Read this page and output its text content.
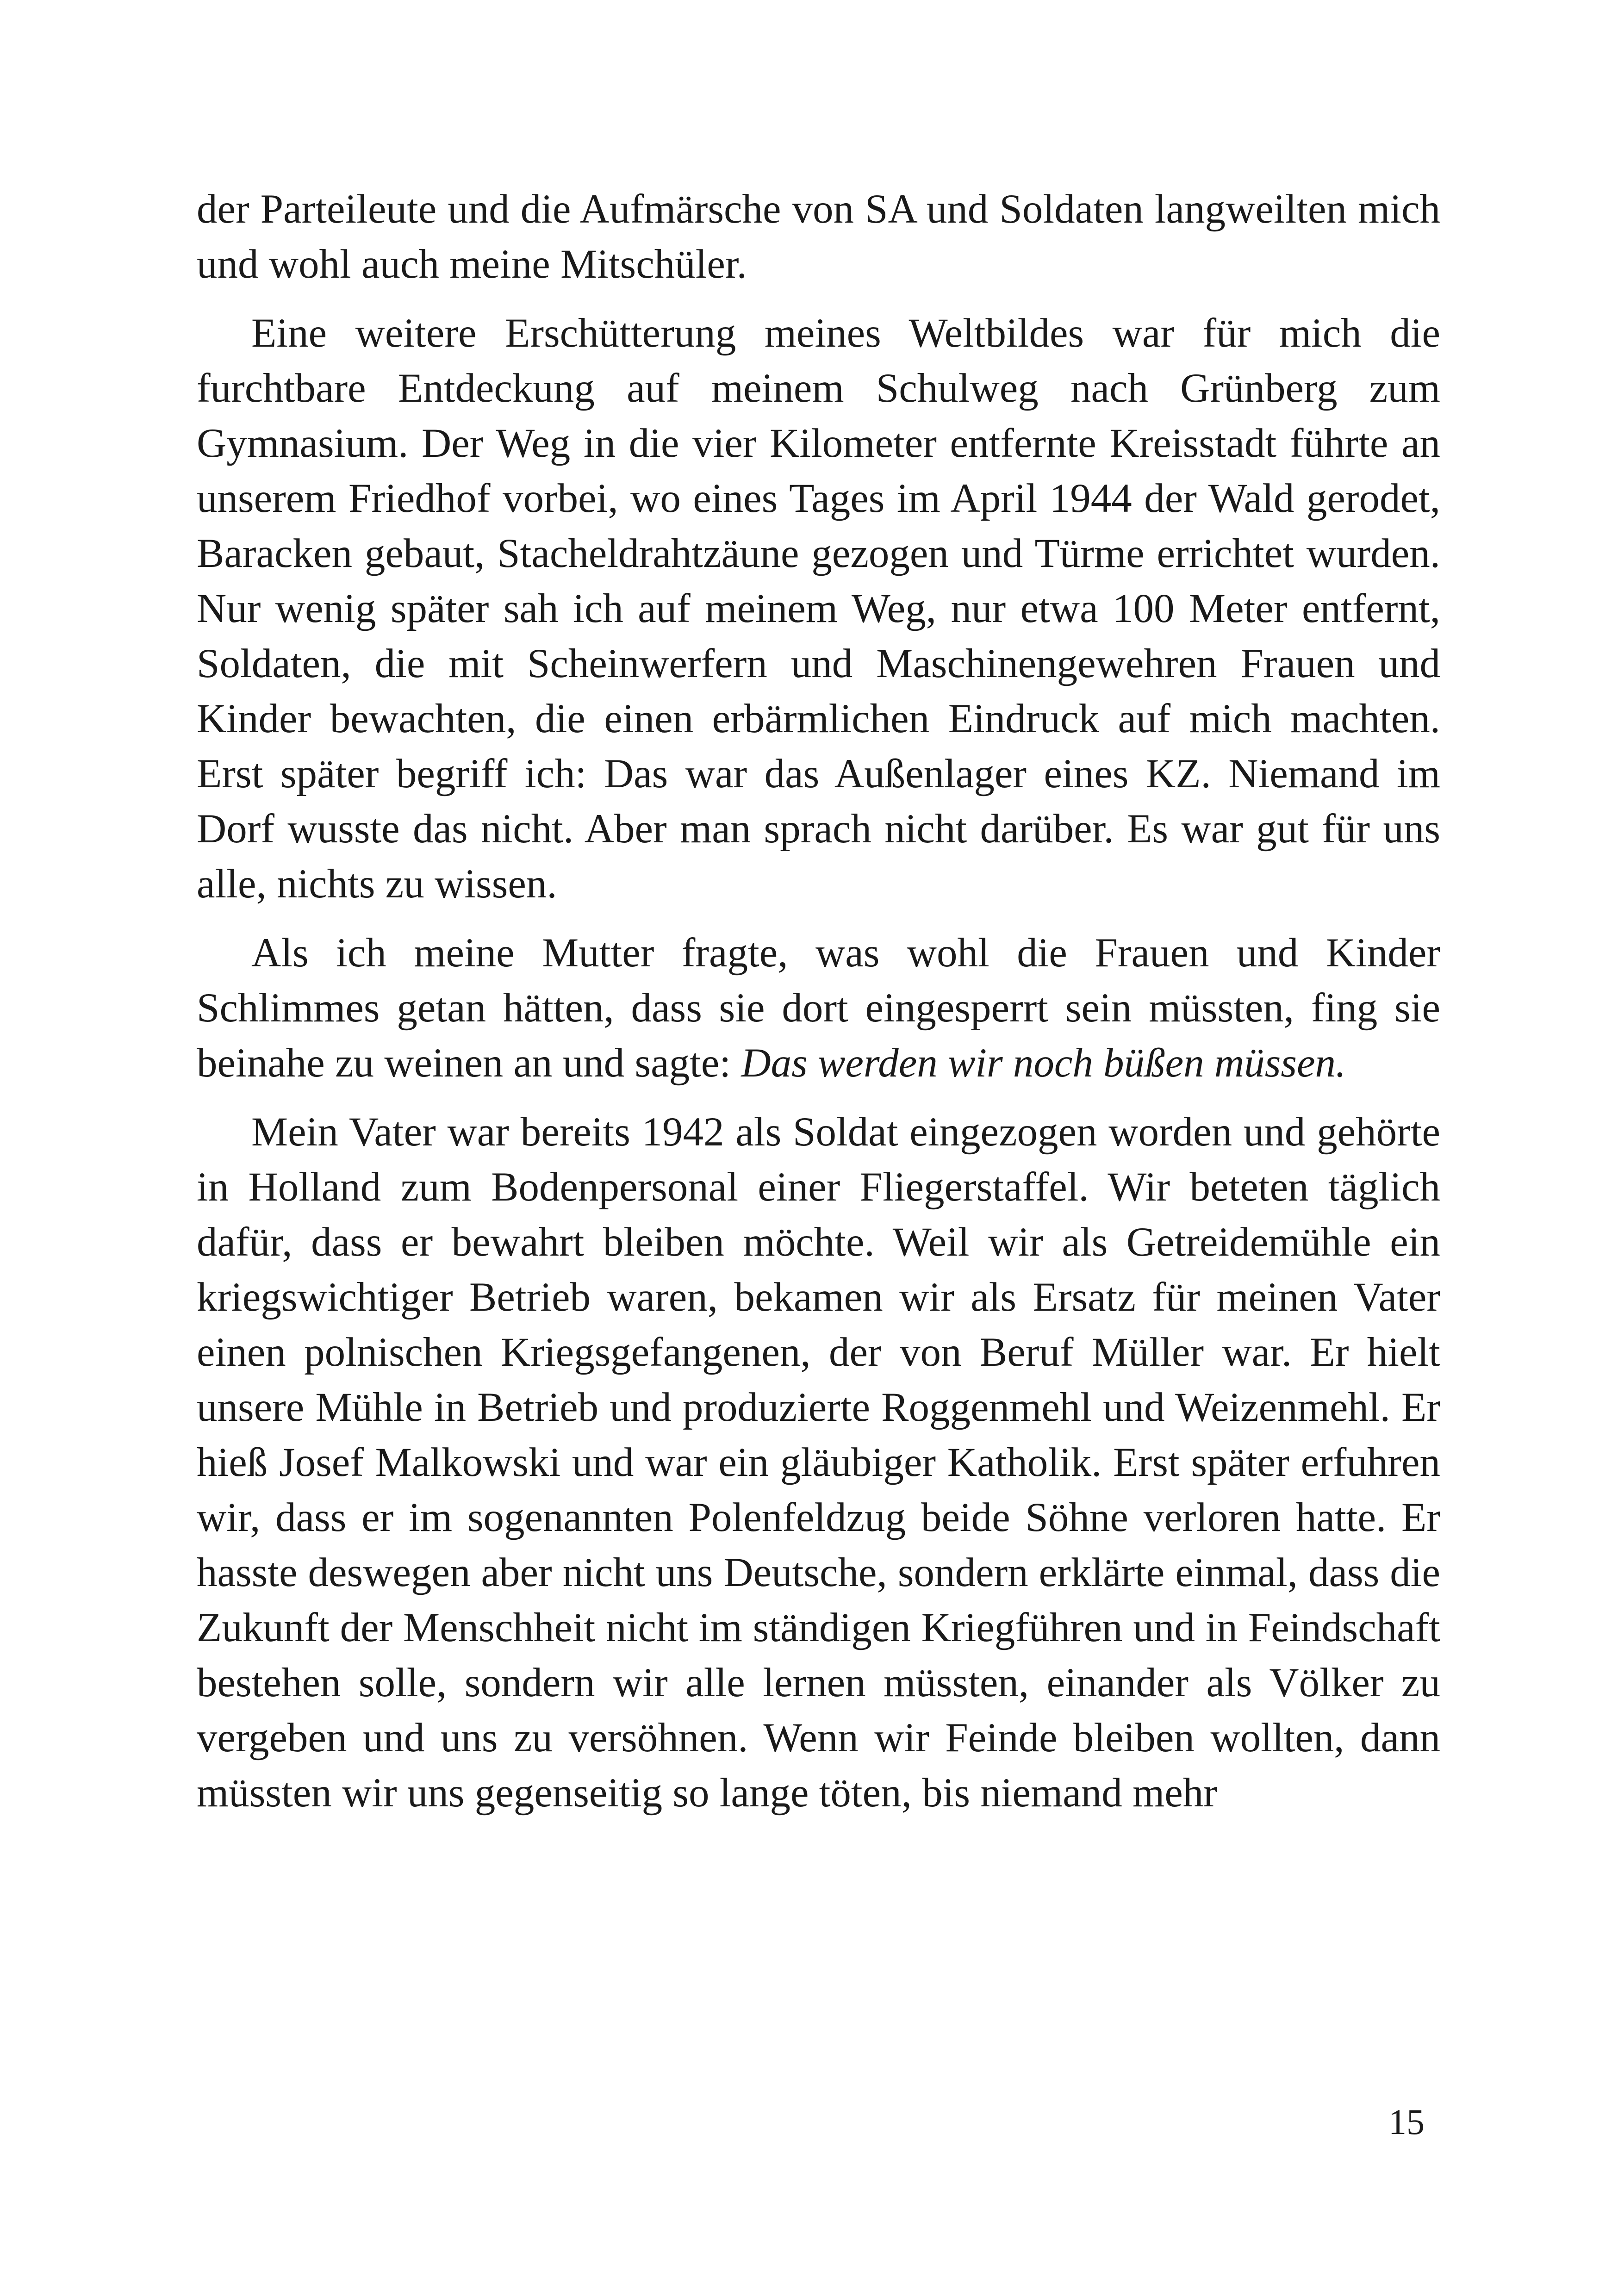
der Parteileute und die Aufmärsche von SA und Soldaten langweilten mich und wohl auch meine Mitschüler.

Eine weitere Erschütterung meines Weltbildes war für mich die furchtbare Entdeckung auf meinem Schulweg nach Grünberg zum Gymnasium. Der Weg in die vier Kilometer entfernte Kreisstadt führte an unserem Friedhof vorbei, wo eines Tages im April 1944 der Wald gerodet, Baracken gebaut, Stacheldrahtzäune gezogen und Türme errichtet wurden. Nur wenig später sah ich auf meinem Weg, nur etwa 100 Meter entfernt, Soldaten, die mit Scheinwerfern und Maschinengewehren Frauen und Kinder bewachten, die einen erbärmlichen Eindruck auf mich machten. Erst später begriff ich: Das war das Außenlager eines KZ. Niemand im Dorf wusste das nicht. Aber man sprach nicht darüber. Es war gut für uns alle, nichts zu wissen.

Als ich meine Mutter fragte, was wohl die Frauen und Kinder Schlimmes getan hätten, dass sie dort eingesperrt sein müssten, fing sie beinahe zu weinen an und sagte: Das werden wir noch büßen müssen.

Mein Vater war bereits 1942 als Soldat eingezogen worden und gehörte in Holland zum Bodenpersonal einer Fliegerstaffel. Wir beteten täglich dafür, dass er bewahrt bleiben möchte. Weil wir als Getreidemühle ein kriegswichtiger Betrieb waren, bekamen wir als Ersatz für meinen Vater einen polnischen Kriegsgefangenen, der von Beruf Müller war. Er hielt unsere Mühle in Betrieb und produzierte Roggenmehl und Weizenmehl. Er hieß Josef Malkowski und war ein gläubiger Katholik. Erst später erfuhren wir, dass er im sogenannten Polenfeldzug beide Söhne verloren hatte. Er hasste deswegen aber nicht uns Deutsche, sondern erklärte einmal, dass die Zukunft der Menschheit nicht im ständigen Kriegführen und in Feindschaft bestehen solle, sondern wir alle lernen müssten, einander als Völker zu vergeben und uns zu versöhnen. Wenn wir Feinde bleiben wollten, dann müssten wir uns gegenseitig so lange töten, bis niemand mehr

15
